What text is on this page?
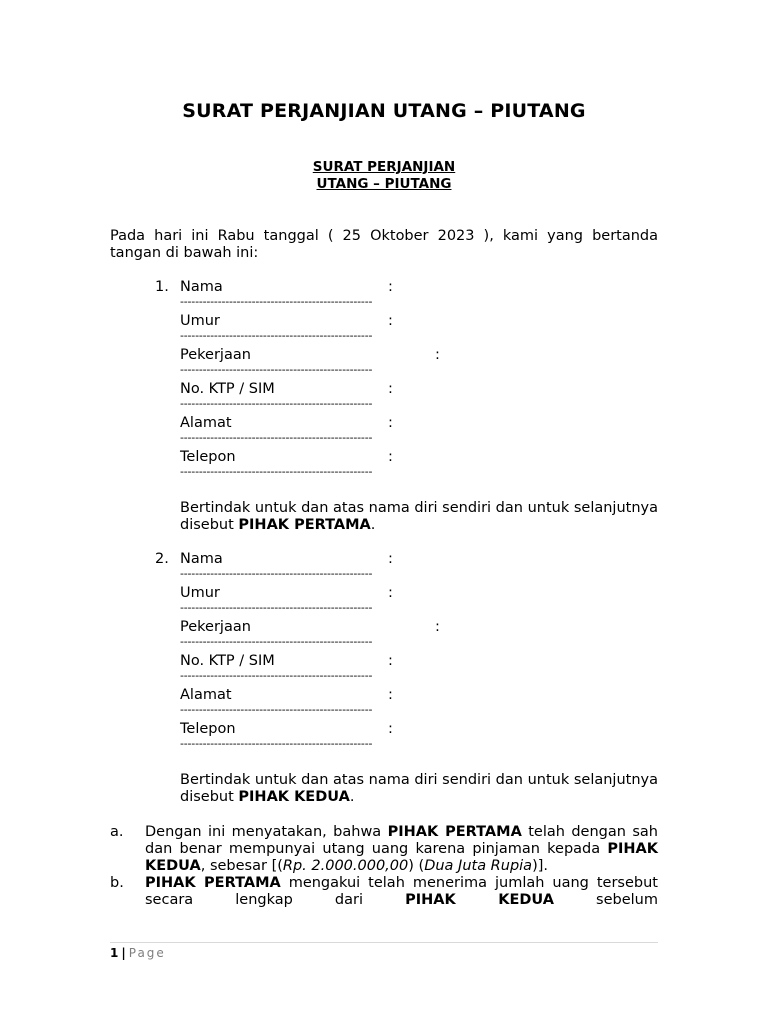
SURAT PERJANJIAN UTANG – PIUTANG
SURAT PERJANJIAN
UTANG – PIUTANG
Pada hari ini Rabu tanggal ( 25 Oktober 2023 ), kami yang bertanda tangan di bawah ini:
1. Nama	:
---------------------------------------------------
Umur	:
---------------------------------------------------
Pekerjaan	:
---------------------------------------------------
No. KTP / SIM	:
---------------------------------------------------
Alamat	:
---------------------------------------------------
Telepon	:
---------------------------------------------------
Bertindak untuk dan atas nama diri sendiri dan untuk selanjutnya disebut PIHAK PERTAMA.
2. Nama	:
---------------------------------------------------
Umur	:
---------------------------------------------------
Pekerjaan	:
---------------------------------------------------
No. KTP / SIM	:
---------------------------------------------------
Alamat	:
---------------------------------------------------
Telepon	:
---------------------------------------------------
Bertindak untuk dan atas nama diri sendiri dan untuk selanjutnya disebut PIHAK KEDUA.
a. Dengan ini menyatakan, bahwa PIHAK PERTAMA telah dengan sah dan benar mempunyai utang uang karena pinjaman kepada PIHAK KEDUA, sebesar [(Rp. 2.000.000,00) (Dua Juta Rupia)].
b. PIHAK PERTAMA mengakui telah menerima jumlah uang tersebut secara lengkap dari PIHAK KEDUA sebelum
1 | Page
